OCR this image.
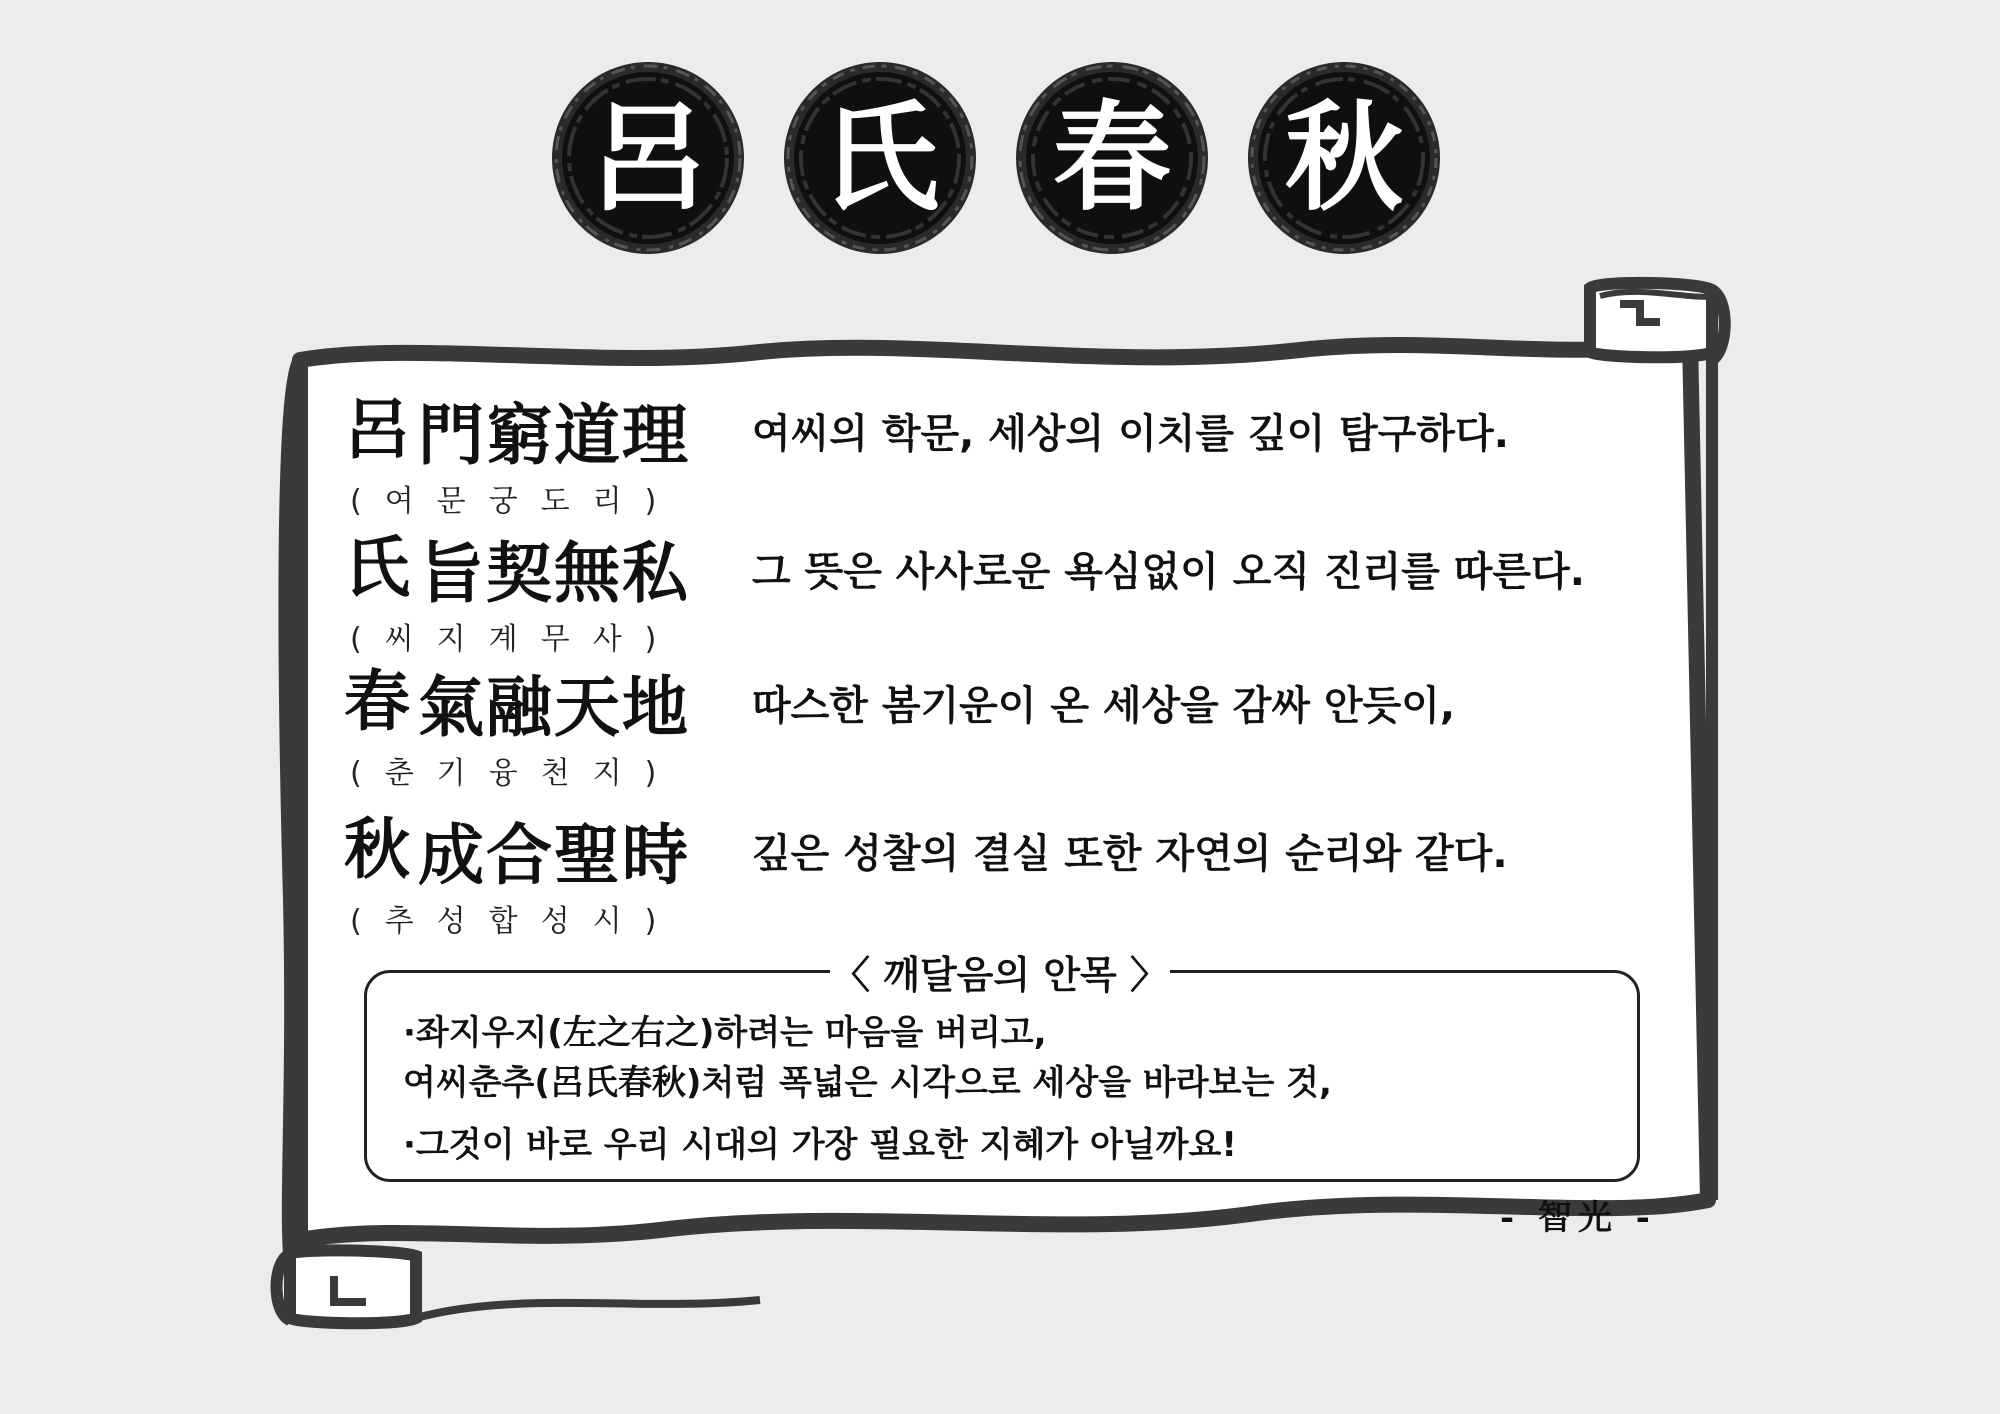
呂 氏 春 秋
呂 門窮道理
(여문궁도리)
여씨의 학문, 세상의 이치를 깊이 탐구하다.
氏 旨契無私
(씨지계무사)
그 뜻은 사사로운 욕심없이 오직 진리를 따른다.
春 氣融天地
(춘기융천지)
따스한 봄기운이 온 세상을 감싸 안듯이,
秋 成合聖時
(추성합성시)
깊은 성찰의 결실 또한 자연의 순리와 같다.
·좌지우지(左之右之)하려는 마음을 버리고,
여씨춘추(呂氏春秋)처럼 폭넓은 시각으로 세상을 바라보는 것,
·그것이 바로 우리 시대의 가장 필요한 지혜가 아닐까요!
〈 깨달음의 안목 〉
- 智光 -
